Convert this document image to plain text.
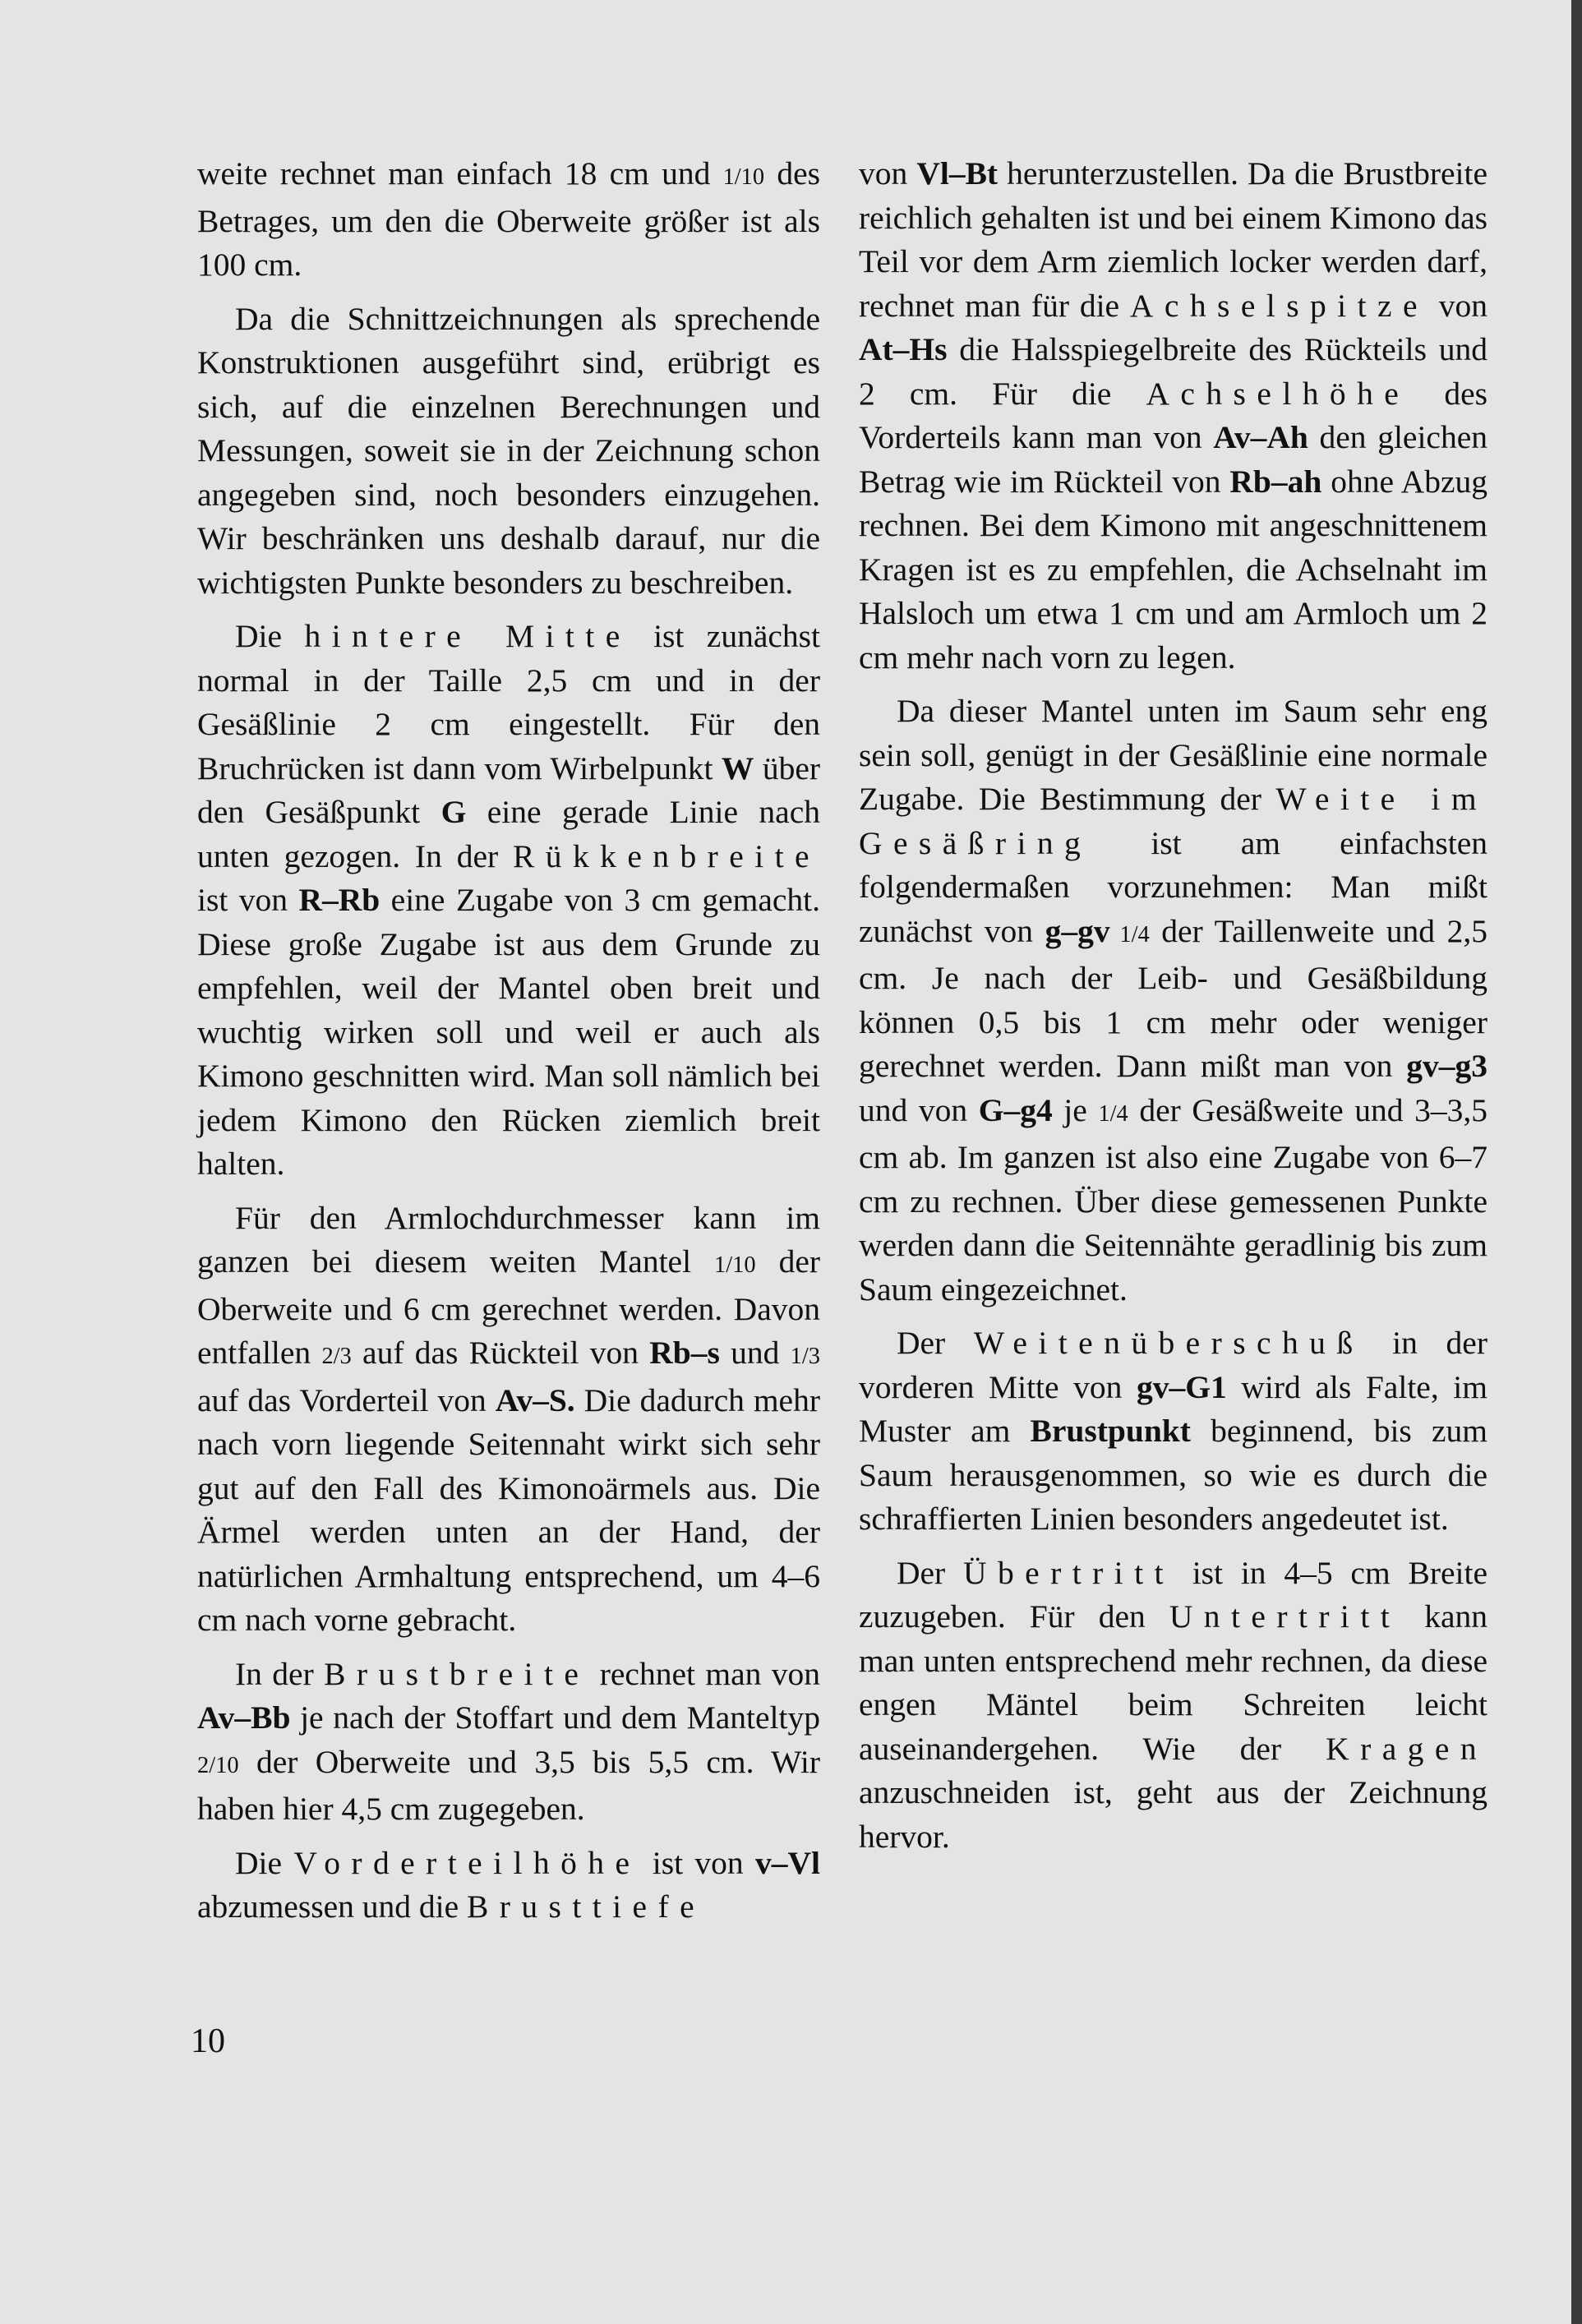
weite rechnet man einfach 18 cm und 1/10 des Betrages, um den die Oberweite größer ist als 100 cm.

Da die Schnittzeichnungen als sprechende Konstruktionen ausgeführt sind, erübrigt es sich, auf die einzelnen Berechnungen und Messungen, soweit sie in der Zeichnung schon angegeben sind, noch besonders einzugehen. Wir beschränken uns deshalb darauf, nur die wichtigsten Punkte besonders zu beschreiben.

Die hintere Mitte ist zunächst normal in der Taille 2,5 cm und in der Gesäßlinie 2 cm eingestellt. Für den Bruchrücken ist dann vom Wirbelpunkt W über den Gesäßpunkt G eine gerade Linie nach unten gezogen. In der Rükkenbreite ist von R–Rb eine Zugabe von 3 cm gemacht. Diese große Zugabe ist aus dem Grunde zu empfehlen, weil der Mantel oben breit und wuchtig wirken soll und weil er auch als Kimono geschnitten wird. Man soll nämlich bei jedem Kimono den Rücken ziemlich breit halten.

Für den Armlochdurchmesser kann im ganzen bei diesem weiten Mantel 1/10 der Oberweite und 6 cm gerechnet werden. Davon entfallen 2/3 auf das Rückteil von Rb–s und 1/3 auf das Vorderteil von Av–S. Die dadurch mehr nach vorn liegende Seitennaht wirkt sich sehr gut auf den Fall des Kimonoärmels aus. Die Ärmel werden unten an der Hand, der natürlichen Armhaltung entsprechend, um 4–6 cm nach vorne gebracht.

In der Brustbreite rechnet man von Av–Bb je nach der Stoffart und dem Manteltyp 2/10 der Oberweite und 3,5 bis 5,5 cm. Wir haben hier 4,5 cm zugegeben.

Die Vorderteilhöhe ist von v–Vl abzumessen und die Brusttiefe

von Vl–Bt herunterzustellen. Da die Brustbreite reichlich gehalten ist und bei einem Kimono das Teil vor dem Arm ziemlich locker werden darf, rechnet man für die Achselspitze von At–Hs die Halsspiegelbreite des Rückteils und 2 cm. Für die Achselhöhe des Vorderteils kann man von Av–Ah den gleichen Betrag wie im Rückteil von Rb–ah ohne Abzug rechnen. Bei dem Kimono mit angeschnittenem Kragen ist es zu empfehlen, die Achselnaht im Halsloch um etwa 1 cm und am Armloch um 2 cm mehr nach vorn zu legen.

Da dieser Mantel unten im Saum sehr eng sein soll, genügt in der Gesäßlinie eine normale Zugabe. Die Bestimmung der Weite im Gesäßring ist am einfachsten folgendermaßen vorzunehmen: Man mißt zunächst von g–gv 1/4 der Taillenweite und 2,5 cm. Je nach der Leib- und Gesäßbildung können 0,5 bis 1 cm mehr oder weniger gerechnet werden. Dann mißt man von gv–g3 und von G–g4 je 1/4 der Gesäßweite und 3–3,5 cm ab. Im ganzen ist also eine Zugabe von 6–7 cm zu rechnen. Über diese gemessenen Punkte werden dann die Seitennähte geradlinig bis zum Saum eingezeichnet.

Der Weitenüberschuß in der vorderen Mitte von gv–G1 wird als Falte, im Muster am Brustpunkt beginnend, bis zum Saum herausgenommen, so wie es durch die schraffierten Linien besonders angedeutet ist.

Der Übertritt ist in 4–5 cm Breite zuzugeben. Für den Untertritt kann man unten entsprechend mehr rechnen, da diese engen Mäntel beim Schreiten leicht auseinandergehen. Wie der Kragen anzuschneiden ist, geht aus der Zeichnung hervor.

10
